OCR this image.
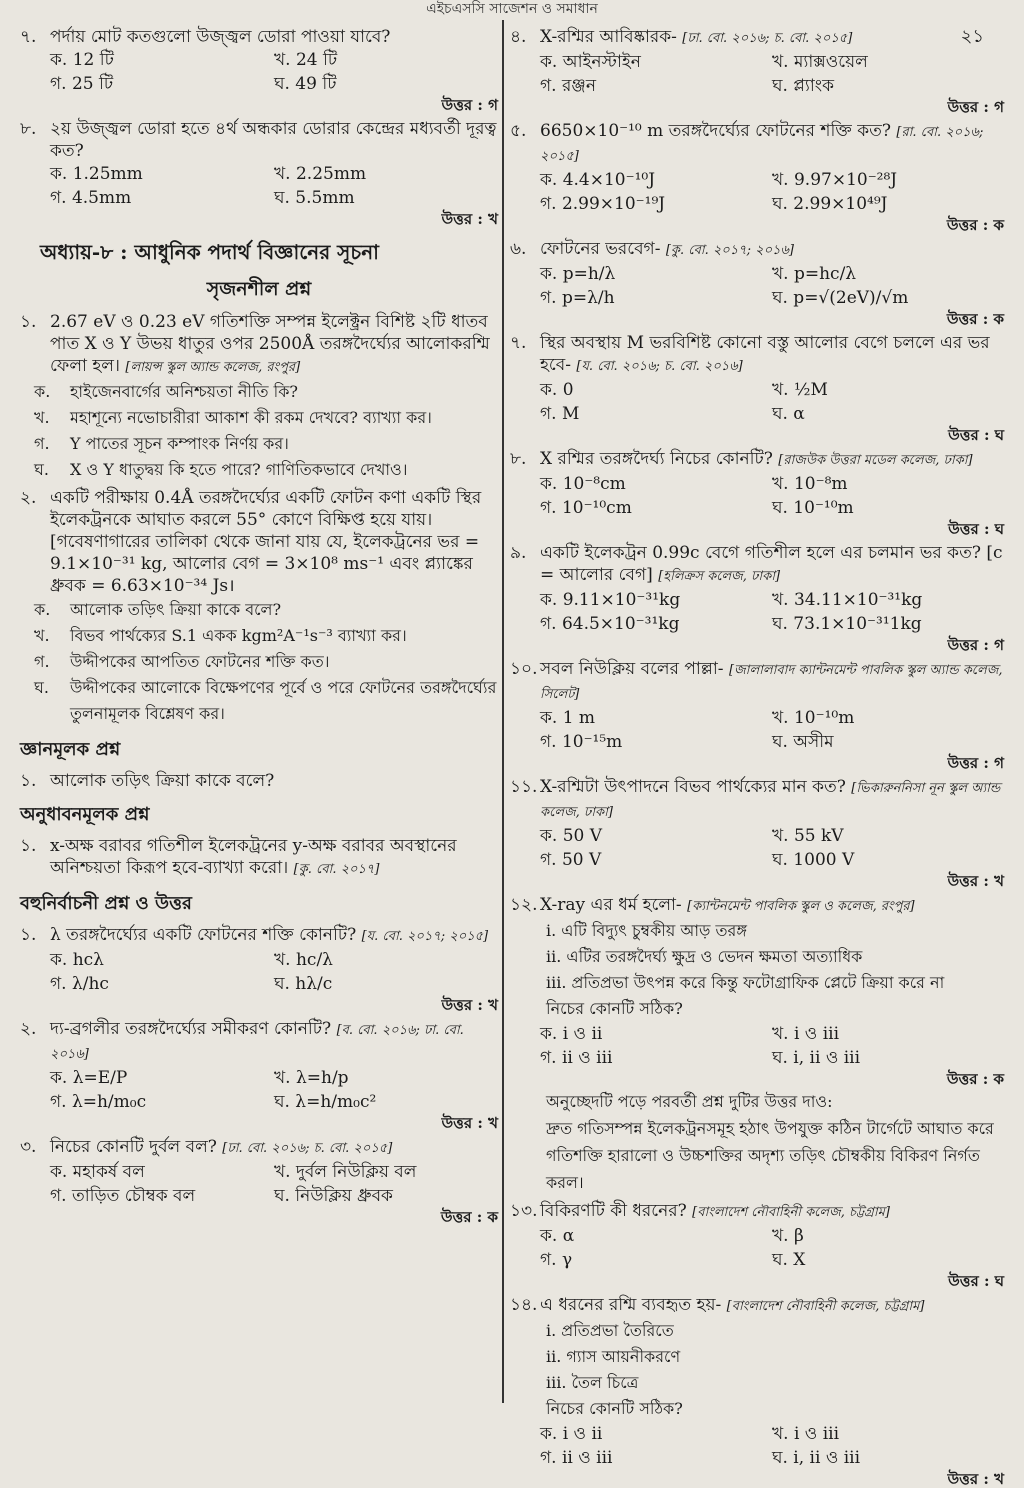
এইচএসসি সাজেশন ও সমাধান
২১
৭. পর্দায় মোট কতগুলো উজ্জ্বল ডোরা পাওয়া যাবে?
ক. 12 টি	খ. 24 টি
গ. 25 টি	ঘ. 49 টি
উত্তর : গ
৮. ২য় উজ্জ্বল ডোরা হতে ৪র্থ অন্ধকার ডোরার কেন্দ্রের মধ্যবর্তী দূরত্ব কত?
ক. 1.25mm	খ. 2.25mm
গ. 4.5mm	ঘ. 5.5mm
উত্তর : খ
অধ্যায়-৮ : আধুনিক পদার্থ বিজ্ঞানের সূচনা
সৃজনশীল প্রশ্ন
১. 2.67 eV ও 0.23 eV গতিশক্তি সম্পন্ন ইলেক্ট্রন বিশিষ্ট ২টি ধাতব পাত X ও Y উভয় ধাতুর ওপর 2500Å তরঙ্গদৈর্ঘ্যের আলোকরশ্মি ফেলা হল। [লায়ন্স স্কুল অ্যান্ড কলেজ, রংপুর]
ক.	হাইজেনবার্গের অনিশ্চয়তা নীতি কি?
খ.	মহাশূন্যে নভোচারীরা আকাশ কী রকম দেখবে? ব্যাখ্যা কর।
গ.	Y পাতের সূচন কম্পাংক নির্ণয় কর।
ঘ.	X ও Y ধাতুদ্বয় কি হতে পারে? গাণিতিকভাবে দেখাও।
২. একটি পরীক্ষায় 0.4Å তরঙ্গদৈর্ঘ্যের একটি ফোটন কণা একটি স্থির ইলেকট্রনকে আঘাত করলে 55° কোণে বিক্ষিপ্ত হয়ে যায়। [গবেষণাগারের তালিকা থেকে জানা যায় যে, ইলেকট্রনের ভর = 9.1×10⁻³¹ kg, আলোর বেগ = 3×10⁸ ms⁻¹ এবং প্ল্যাঙ্কের ধ্রুবক = 6.63×10⁻³⁴ Js।
ক.	আলোক তড়িৎ ক্রিয়া কাকে বলে?
খ.	বিভব পার্থক্যের S.1 একক kgm²A⁻¹s⁻³ ব্যাখ্যা কর।
গ.	উদ্দীপকের আপতিত ফোটনের শক্তি কত।
ঘ.	উদ্দীপকের আলোকে বিক্ষেপণের পূর্বে ও পরে ফোটনের তরঙ্গদৈর্ঘ্যের তুলনামূলক বিশ্লেষণ কর।
জ্ঞানমূলক প্রশ্ন
১. আলোক তড়িৎ ক্রিয়া কাকে বলে?
অনুধাবনমূলক প্রশ্ন
১. x-অক্ষ বরাবর গতিশীল ইলেকট্রনের y-অক্ষ বরাবর অবস্থানের অনিশ্চয়তা কিরূপ হবে-ব্যাখ্যা করো। [কু. বো. ২০১৭]
বহুনির্বাচনী প্রশ্ন ও উত্তর
১. λ তরঙ্গদৈর্ঘ্যের একটি ফোটনের শক্তি কোনটি? [য. বো. ২০১৭; ২০১৫]
ক. hcλ	খ. hc/λ
গ. λ/hc	ঘ. hλ/c
উত্তর : খ
২. দ্য-ব্রগলীর তরঙ্গদৈর্ঘ্যের সমীকরণ কোনটি? [ব. বো. ২০১৬; ঢা. বো. ২০১৬]
ক. λ=E/P	খ. λ=h/p
গ. λ=h/m₀c	ঘ. λ=h/m₀c²
উত্তর : খ
৩. নিচের কোনটি দুর্বল বল? [ঢা. বো. ২০১৬; চ. বো. ২০১৫]
ক. মহাকর্ষ বল	খ. দুর্বল নিউক্লিয় বল
গ. তাড়িত চৌম্বক বল	ঘ. নিউক্লিয় ধ্রুবক
উত্তর : ক
৪. X-রশ্মির আবিষ্কারক- [ঢা. বো. ২০১৬; চ. বো. ২০১৫]
ক. আইনস্টাইন	খ. ম্যাক্সওয়েল
গ. রঞ্জন	ঘ. প্ল্যাংক
উত্তর : গ
৫. 6650×10⁻¹⁰ m তরঙ্গদৈর্ঘ্যের ফোটনের শক্তি কত? [রা. বো. ২০১৬; ২০১৫]
ক. 4.4×10⁻¹⁰J	খ. 9.97×10⁻²⁸J
গ. 2.99×10⁻¹⁹J	ঘ. 2.99×10⁴⁹J
উত্তর : ক
৬. ফোটনের ভরবেগ- [কু. বো. ২০১৭; ২০১৬]
ক. p=h/λ	খ. p=hc/λ
গ. p=λ/h	ঘ. p=√(2eV)/√m
উত্তর : ক
৭. স্থির অবস্থায় M ভরবিশিষ্ট কোনো বস্তু আলোর বেগে চললে এর ভর হবে- [য. বো. ২০১৬; চ. বো. ২০১৬]
ক. 0	খ. ½M
গ. M	ঘ. α
উত্তর : ঘ
৮. X রশ্মির তরঙ্গদৈর্ঘ্য নিচের কোনটি? [রাজউক উত্তরা মডেল কলেজ, ঢাকা]
ক. 10⁻⁸cm	খ. 10⁻⁸m
গ. 10⁻¹⁰cm	ঘ. 10⁻¹⁰m
উত্তর : ঘ
৯. একটি ইলেকট্রন 0.99c বেগে গতিশীল হলে এর চলমান ভর কত? [c = আলোর বেগ] [হলিক্রস কলেজ, ঢাকা]
ক. 9.11×10⁻³¹kg	খ. 34.11×10⁻³¹kg
গ. 64.5×10⁻³¹kg	ঘ. 73.1×10⁻³¹1kg
উত্তর : গ
১০. সবল নিউক্লিয় বলের পাল্লা- [জালালাবাদ ক্যান্টনমেন্ট পাবলিক স্কুল অ্যান্ড কলেজ, সিলেট]
ক. 1 m	খ. 10⁻¹⁰m
গ. 10⁻¹⁵m	ঘ. অসীম
উত্তর : গ
১১. X-রশ্মিটা উৎপাদনে বিভব পার্থক্যের মান কত? [ভিকারুননিসা নূন স্কুল অ্যান্ড কলেজ, ঢাকা]
ক. 50 V	খ. 55 kV
গ. 50 V	ঘ. 1000 V
উত্তর : খ
১২. X-ray এর ধর্ম হলো- [ক্যান্টনমেন্ট পাবলিক স্কুল ও কলেজ, রংপুর]
i. এটি বিদ্যুৎ চুম্বকীয় আড় তরঙ্গ
ii. এটির তরঙ্গদৈর্ঘ্য ক্ষুদ্র ও ভেদন ক্ষমতা অত্যাধিক
iii. প্রতিপ্রভা উৎপন্ন করে কিন্তু ফটোগ্রাফিক প্লেটে ক্রিয়া করে না
নিচের কোনটি সঠিক?
ক. i ও ii	খ. i ও iii
গ. ii ও iii	ঘ. i, ii ও iii
উত্তর : ক
অনুচ্ছেদটি পড়ে পরবর্তী প্রশ্ন দুটির উত্তর দাও:
দ্রুত গতিসম্পন্ন ইলেকট্রনসমূহ হঠাৎ উপযুক্ত কঠিন টার্গেটে আঘাত করে গতিশক্তি হারালো ও উচ্চশক্তির অদৃশ্য তড়িৎ চৌম্বকীয় বিকিরণ নির্গত করল।
১৩. বিকিরণটি কী ধরনের? [বাংলাদেশ নৌবাহিনী কলেজ, চট্টগ্রাম]
ক. α	খ. β
গ. γ	ঘ. X
উত্তর : ঘ
১৪. এ ধরনের রশ্মি ব্যবহৃত হয়- [বাংলাদেশ নৌবাহিনী কলেজ, চট্টগ্রাম]
i. প্রতিপ্রভা তৈরিতে
ii. গ্যাস আয়নীকরণে
iii. তৈল চিত্রে
নিচের কোনটি সঠিক?
ক. i ও ii	খ. i ও iii
গ. ii ও iii	ঘ. i, ii ও iii
উত্তর : খ
